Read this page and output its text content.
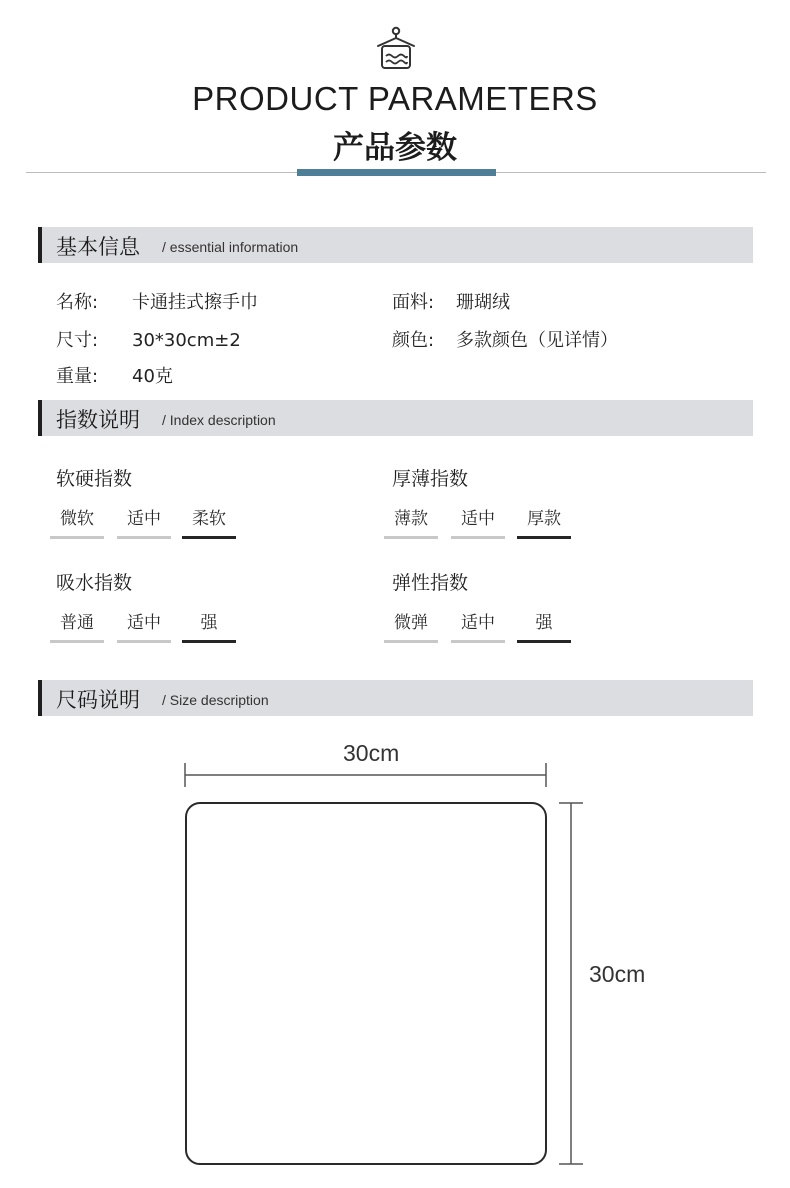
PRODUCT PARAMETERS
产品参数
基本信息 / essential information
名称: 卡通挂式擦手巾	面料: 珊瑚绒
尺寸: 30*30cm±2	颜色: 多款颜色（见详情）
重量: 40克
指数说明 / Index description
软硬指数
微软	适中	柔软
厚薄指数
薄款	适中	厚款
吸水指数
普通	适中	强
弹性指数
微弹	适中	强
尺码说明 / Size description
30cm
30cm
